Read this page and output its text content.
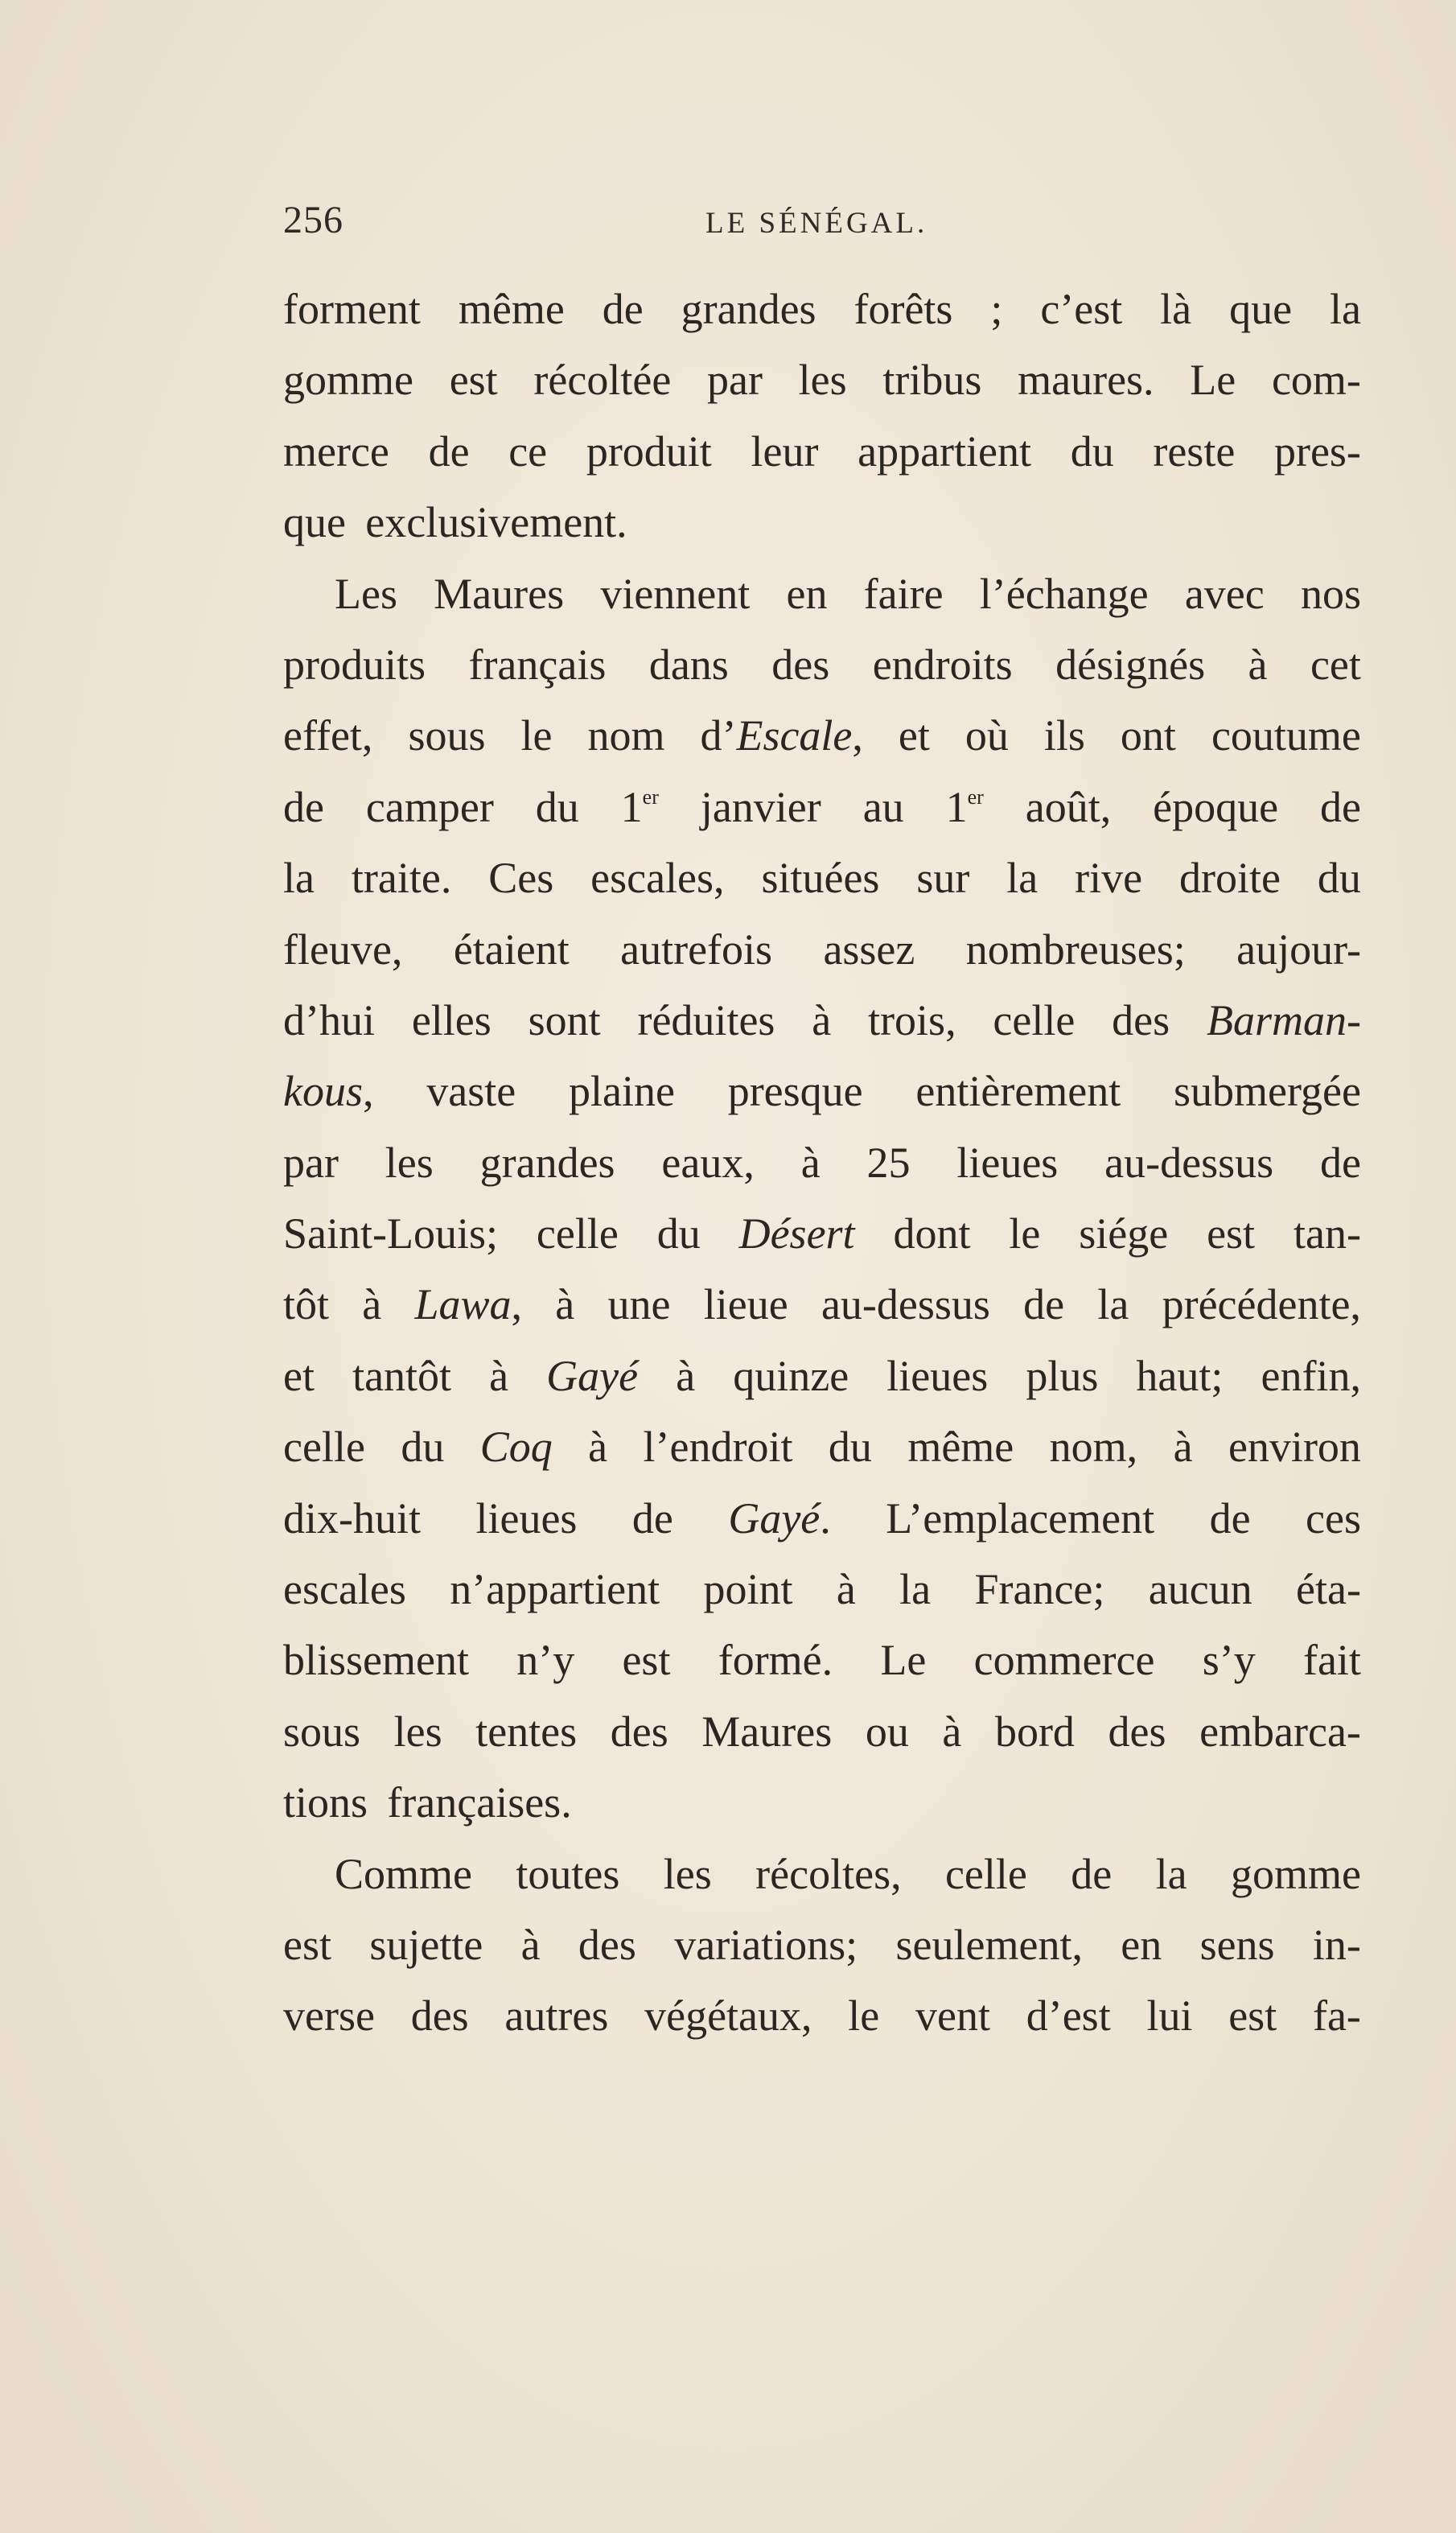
256	LE SÉNÉGAL.
forment même de grandes forêts ; c’est là que la
gomme est récoltée par les tribus maures. Le com-
merce de ce produit leur appartient du reste pres-
que exclusivement.
Les Maures viennent en faire l’échange avec nos
produits français dans des endroits désignés à cet
effet, sous le nom d’Escale, et où ils ont coutume
de camper du 1er janvier au 1er août, époque de
la traite. Ces escales, situées sur la rive droite du
fleuve, étaient autrefois assez nombreuses; aujour-
d’hui elles sont réduites à trois, celle des Barman-
kous, vaste plaine presque entièrement submergée
par les grandes eaux, à 25 lieues au-dessus de
Saint-Louis; celle du Désert dont le siége est tan-
tôt à Lawa, à une lieue au-dessus de la précédente,
et tantôt à Gayé à quinze lieues plus haut; enfin,
celle du Coq à l’endroit du même nom, à environ
dix-huit lieues de Gayé. L’emplacement de ces
escales n’appartient point à la France; aucun éta-
blissement n’y est formé. Le commerce s’y fait
sous les tentes des Maures ou à bord des embarca-
tions françaises.
Comme toutes les récoltes, celle de la gomme
est sujette à des variations; seulement, en sens in-
verse des autres végétaux, le vent d’est lui est fa-
